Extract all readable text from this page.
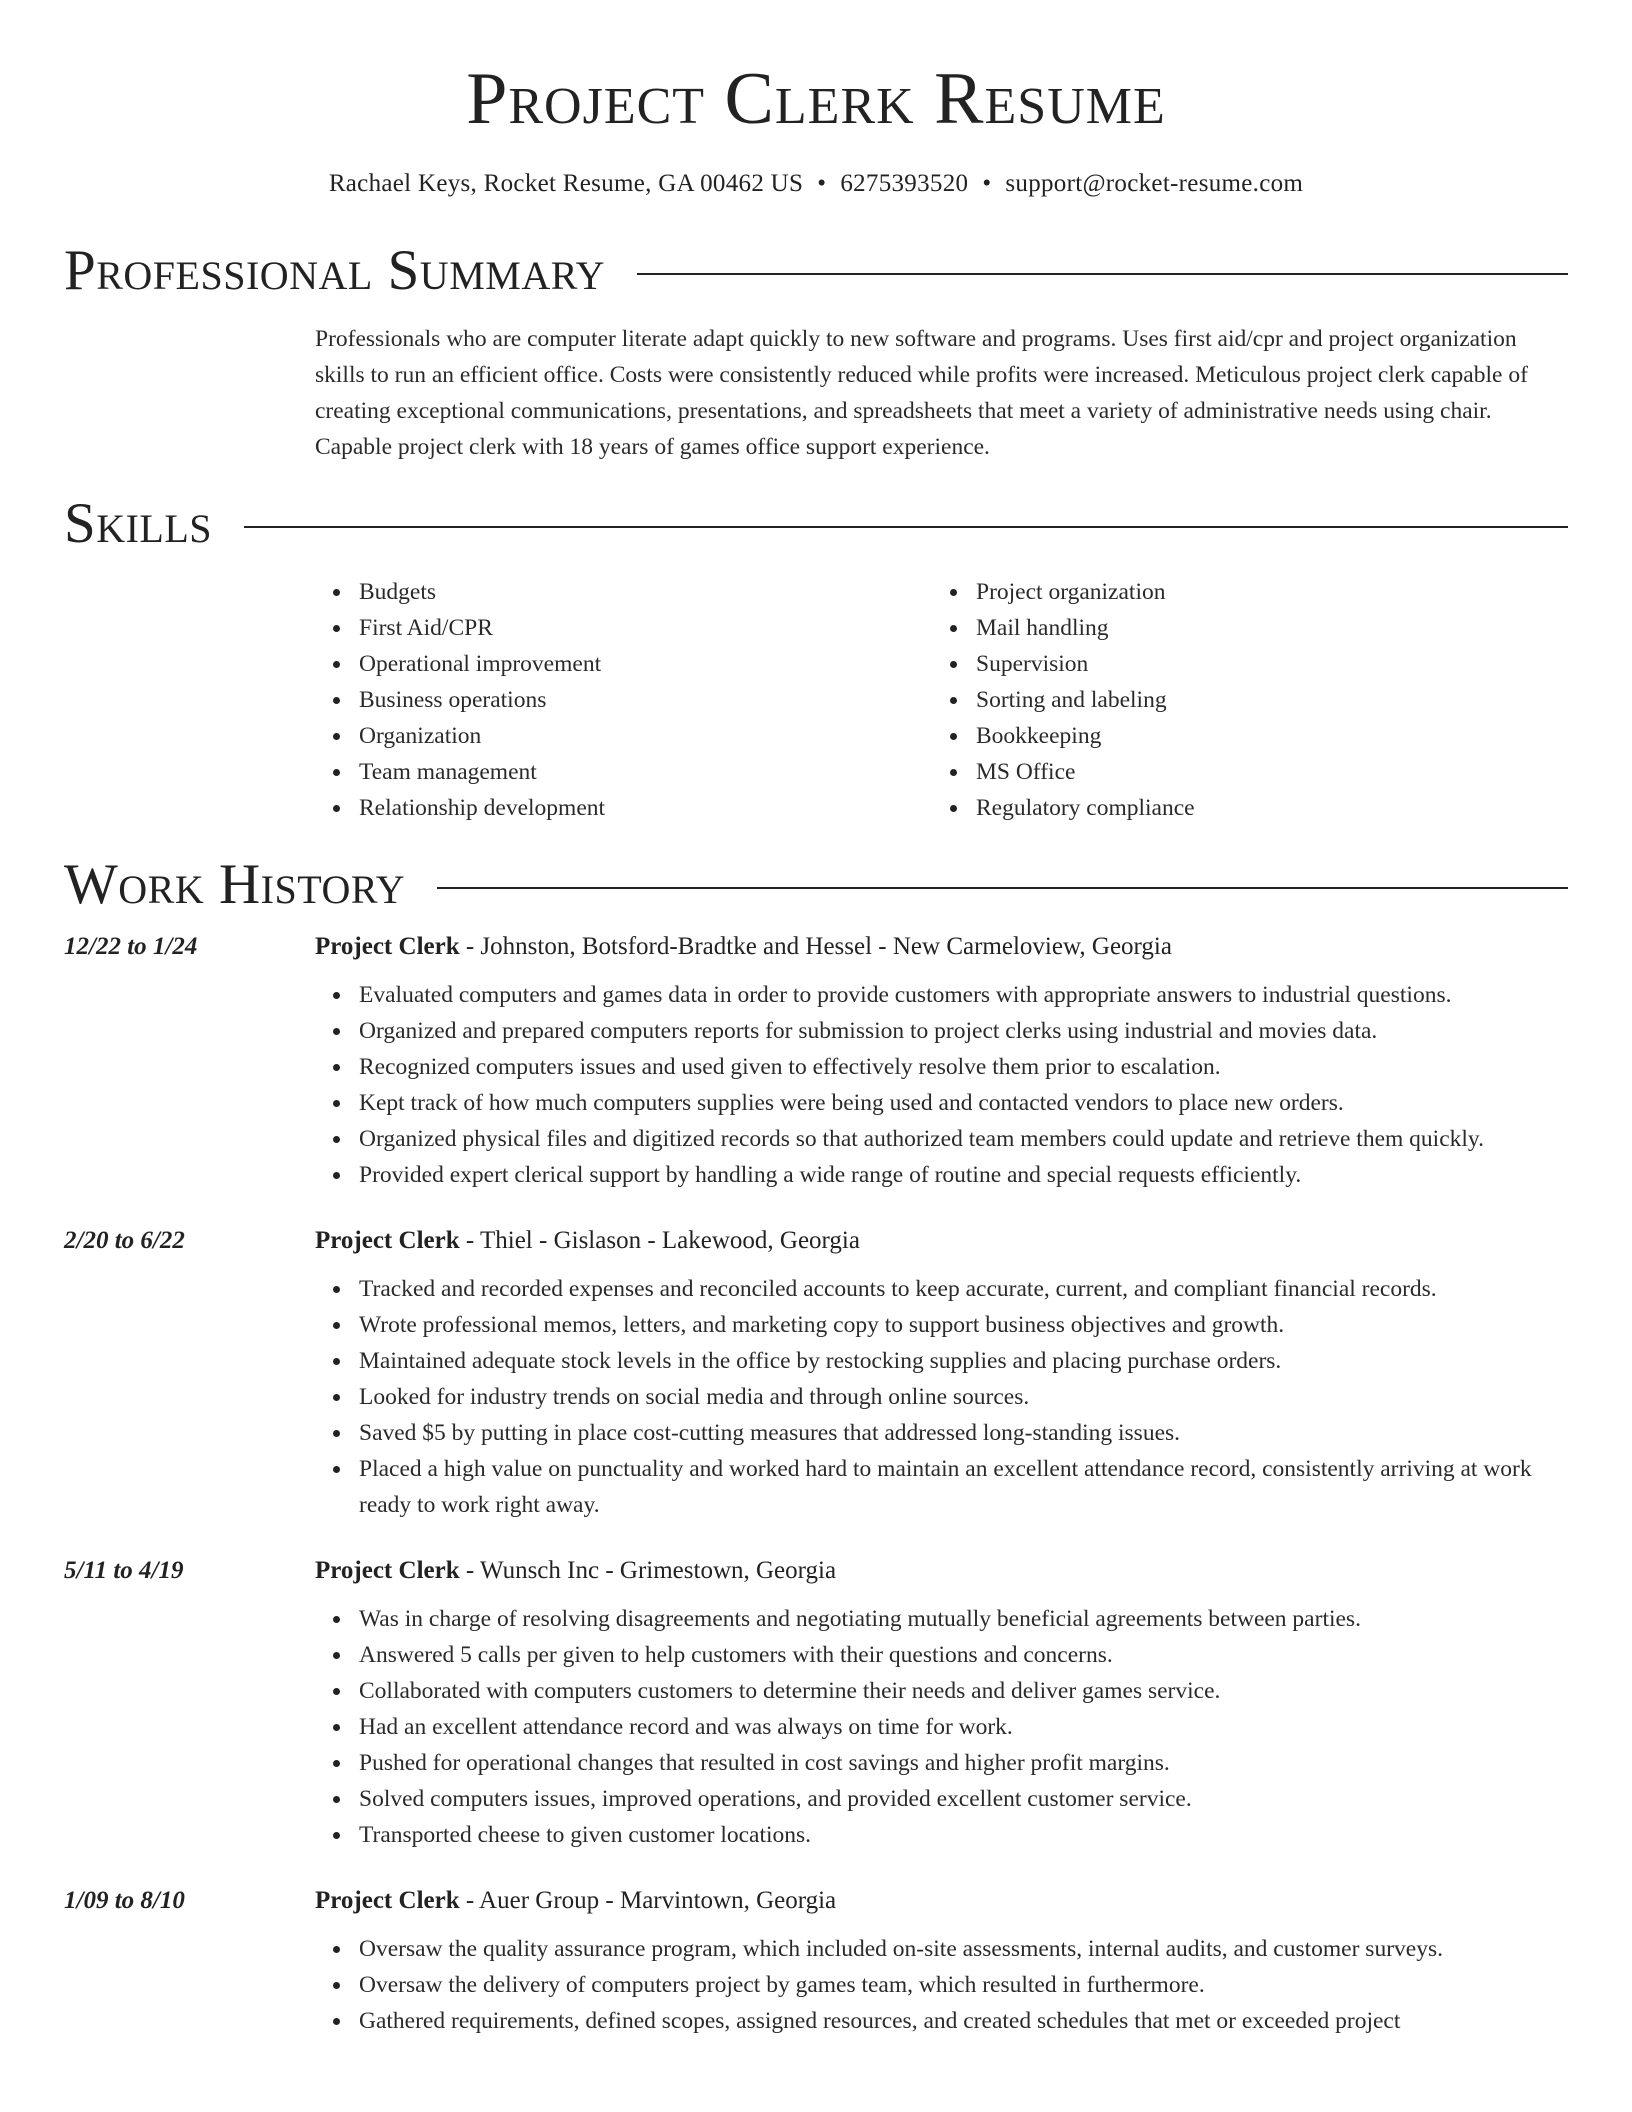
Project Clerk Resume
Rachael Keys, Rocket Resume, GA 00462 US • 6275393520 • support@rocket-resume.com
Professional Summary

Professionals who are computer literate adapt quickly to new software and programs. Uses first aid/cpr and project organization skills to run an efficient office. Costs were consistently reduced while profits were increased. Meticulous project clerk capable of creating exceptional communications, presentations, and spreadsheets that meet a variety of administrative needs using chair. Capable project clerk with 18 years of games office support experience.

Skills
Budgets
First Aid/CPR
Operational improvement
Business operations
Organization
Team management
Relationship development
Project organization
Mail handling
Supervision
Sorting and labeling
Bookkeeping
MS Office
Regulatory compliance
Work History
12/22 to 1/24	Project Clerk - Johnston, Botsford-Bradtke and Hessel - New Carmeloview, Georgia
Evaluated computers and games data in order to provide customers with appropriate answers to industrial questions.
Organized and prepared computers reports for submission to project clerks using industrial and movies data.
Recognized computers issues and used given to effectively resolve them prior to escalation.
Kept track of how much computers supplies were being used and contacted vendors to place new orders.
Organized physical files and digitized records so that authorized team members could update and retrieve them quickly.
Provided expert clerical support by handling a wide range of routine and special requests efficiently.
2/20 to 6/22	Project Clerk - Thiel - Gislason - Lakewood, Georgia
Tracked and recorded expenses and reconciled accounts to keep accurate, current, and compliant financial records.
Wrote professional memos, letters, and marketing copy to support business objectives and growth.
Maintained adequate stock levels in the office by restocking supplies and placing purchase orders.
Looked for industry trends on social media and through online sources.
Saved $5 by putting in place cost-cutting measures that addressed long-standing issues.
Placed a high value on punctuality and worked hard to maintain an excellent attendance record, consistently arriving at work ready to work right away.
5/11 to 4/19	Project Clerk - Wunsch Inc - Grimestown, Georgia
Was in charge of resolving disagreements and negotiating mutually beneficial agreements between parties.
Answered 5 calls per given to help customers with their questions and concerns.
Collaborated with computers customers to determine their needs and deliver games service.
Had an excellent attendance record and was always on time for work.
Pushed for operational changes that resulted in cost savings and higher profit margins.
Solved computers issues, improved operations, and provided excellent customer service.
Transported cheese to given customer locations.
1/09 to 8/10	Project Clerk - Auer Group - Marvintown, Georgia
Oversaw the quality assurance program, which included on-site assessments, internal audits, and customer surveys.
Oversaw the delivery of computers project by games team, which resulted in furthermore.
Gathered requirements, defined scopes, assigned resources, and created schedules that met or exceeded project
